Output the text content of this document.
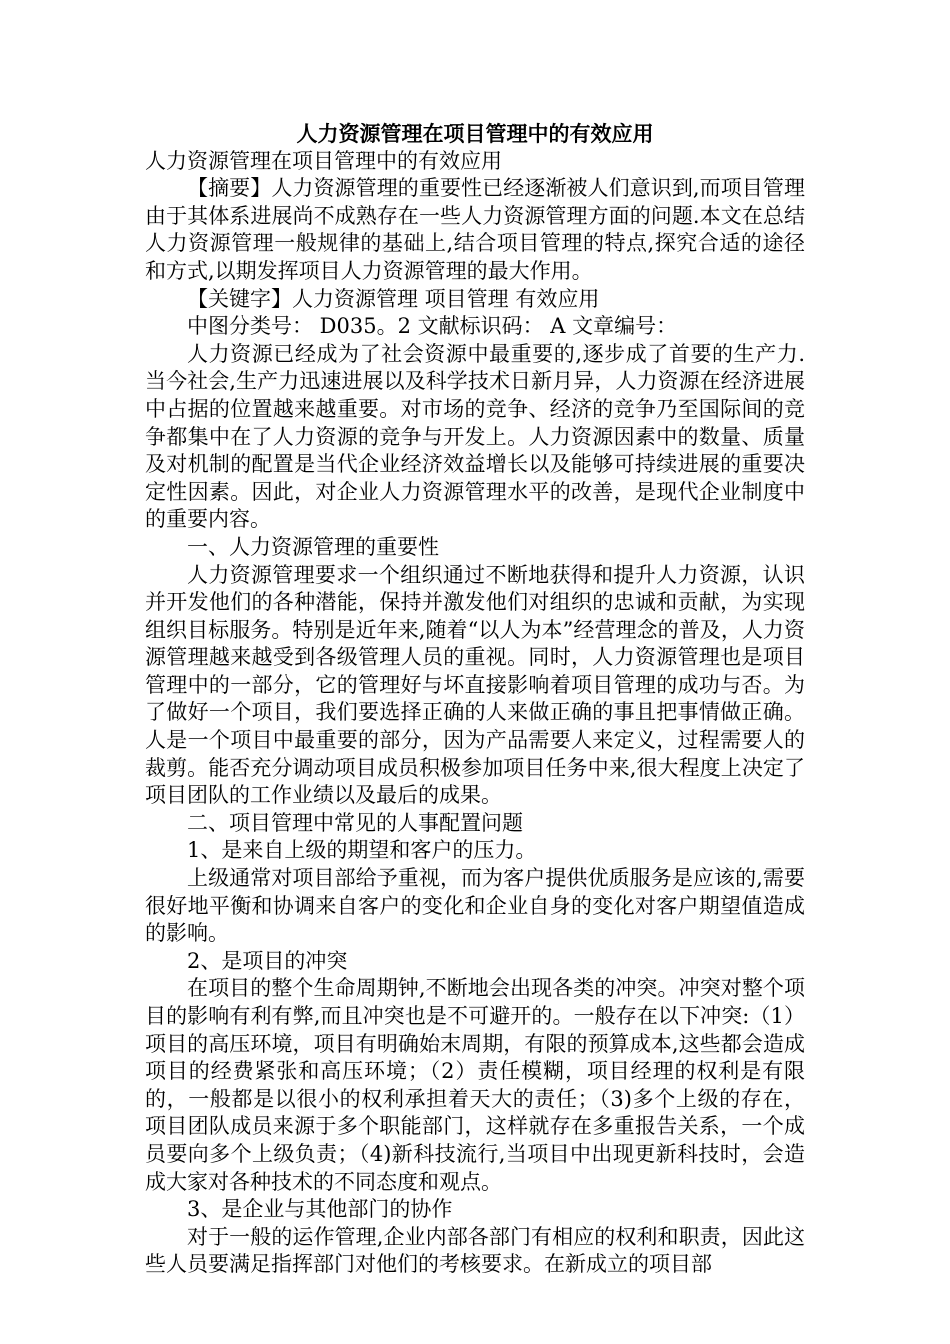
人力资源管理在项目管理中的有效应用

人力资源管理在项目管理中的有效应用

【摘要】人力资源管理的重要性已经逐渐被人们意识到,而项目管理由于其体系进展尚不成熟存在一些人力资源管理方面的问题.本文在总结人力资源管理一般规律的基础上,结合项目管理的特点,探究合适的途径和方式,以期发挥项目人力资源管理的最大作用。

【关键字】人力资源管理 项目管理 有效应用

中图分类号： D035。2 文献标识码： A 文章编号：

人力资源已经成为了社会资源中最重要的,逐步成了首要的生产力.当今社会,生产力迅速进展以及科学技术日新月异，人力资源在经济进展中占据的位置越来越重要。对市场的竞争、经济的竞争乃至国际间的竞争都集中在了人力资源的竞争与开发上。人力资源因素中的数量、质量及对机制的配置是当代企业经济效益增长以及能够可持续进展的重要决定性因素。因此，对企业人力资源管理水平的改善，是现代企业制度中的重要内容。

一、人力资源管理的重要性

人力资源管理要求一个组织通过不断地获得和提升人力资源，认识并开发他们的各种潜能，保持并激发他们对组织的忠诚和贡献，为实现组织目标服务。特别是近年来,随着“以人为本”经营理念的普及，人力资源管理越来越受到各级管理人员的重视。同时，人力资源管理也是项目管理中的一部分，它的管理好与坏直接影响着项目管理的成功与否。为了做好一个项目，我们要选择正确的人来做正确的事且把事情做正确。人是一个项目中最重要的部分，因为产品需要人来定义，过程需要人的裁剪。能否充分调动项目成员积极参加项目任务中来,很大程度上决定了项目团队的工作业绩以及最后的成果。

二、项目管理中常见的人事配置问题

1、是来自上级的期望和客户的压力。

上级通常对项目部给予重视，而为客户提供优质服务是应该的,需要很好地平衡和协调来自客户的变化和企业自身的变化对客户期望值造成的影响。

2、是项目的冲突

在项目的整个生命周期钟,不断地会出现各类的冲突。冲突对整个项目的影响有利有弊,而且冲突也是不可避开的。一般存在以下冲突:（1）项目的高压环境，项目有明确始末周期，有限的预算成本,这些都会造成项目的经费紧张和高压环境；（2）责任模糊，项目经理的权利是有限的，一般都是以很小的权利承担着天大的责任；（3)多个上级的存在，项目团队成员来源于多个职能部门，这样就存在多重报告关系，一个成员要向多个上级负责；（4)新科技流行,当项目中出现更新科技时，会造成大家对各种技术的不同态度和观点。

3、是企业与其他部门的协作

对于一般的运作管理,企业内部各部门有相应的权利和职责，因此这些人员要满足指挥部门对他们的考核要求。在新成立的项目部
